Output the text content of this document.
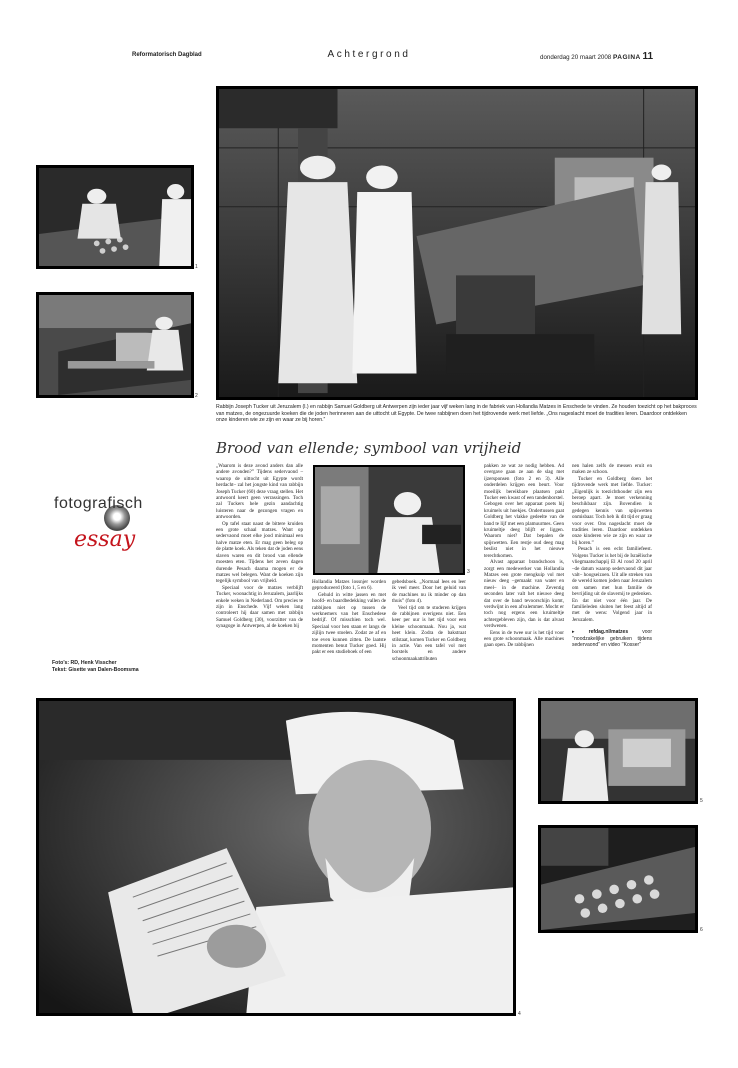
Reformatorisch Dagblad	Achtergrond	donderdag 20 maart 2008 PAGINA 11
1
2
Rabbijn Joseph Tucker uit Jeruzalem (l.) en rabbijn Samuel Goldberg uit Antwerpen zijn ieder jaar vijf weken lang in de fabriek van Hollandia Matzes in Enschede te vinden. Ze houden toezicht op het bakproces van matzes, de ongezuurde koeken die de joden herinneren aan de uittocht uit Egypte. De twee rabbijnen doen het tijdrovende werk met liefde. „Ons nageslacht moet de tradities leren. Daardoor ontdekken onze kinderen wie ze zijn en waar ze bij horen.”
Brood van ellende; symbool van vrijheid
fotografisch
essay
Foto’s: RD, Henk Visscher
Tekst: Gisette van Dalen-Boomsma
3

„Waarom is deze avond anders dan alle andere avonden?” Tijdens sedervaond –waarop de uittocht uit Egypte wordt herdacht– zal het jongste kind van rabbijn Joseph Tucker (60) deze vraag stellen. Het antwoord keert geen verrassingen. Toch zal Tuckers hele gezin aandachtig luisteren naar de gezongen vragen en antwoorden.

Op tafel staat naast de bittere kruiden een grote schaal matzes. Want op sedervaond moet elke jood minimaal een halve matze eten. Er mag geen beleg op de platte koek. Als teken dat de joden eens slaven waren en dit brood van ellende moesten eten. Tijdens het zeven dagen durende Pesach daarna mogen er de matzes wel belegen. Want de koeken zijn tegelijk symbool van vrijheid.

Speciaal voor de matzes verblijft Tucker, woonachtig in Jeruzalem, jaarlijks enkele weken in Nederland. Om precies te zijn in Enschede. Vijf weken lang controleert hij daar samen met rabbijn Samuel Goldberg (30), voorzitter van de synagoge in Antwerpen, al de koeken bij

Hollandia Matzes lossnjer worden geproduceerd (foto 1, 5 en 6).

Gehuld in witte jassen en met hoofd- en baardbedekking vallen de rabbijnen niet op tussen de werknemers van het Enschedese bedrijf. Of misschien toch wel. Speciaal voor hen staan er langs de zijlijn twee stoelen. Zodat ze af en toe even kunnen zitten. De laatste momenten benut Tucker goed. Hij pakt er een studieboek of een

gebedsboek. „Normaal lees en leer ik veel meer. Door het geluid van de machines nu ik minder op dan thuis” (foto 4).

Veel tijd om te studeren krijgen de rabbijnen overigens niet. Een keer per uur is het tijd voor een kleine schoonmaak. Nou ja, wat heet klein. Zodra de bakstraat stilstaat, komen Tucker en Goldberg in actie. Van een tafel vol met borstels en andere schoonmaakattributen

pakken ze wat ze nodig hebben. Ad overgave gaan ze aan de slag met ijzersponsen (foto 2 en 3). Alle onderdelen krijgen een beurt. Voor moeilijk bereikbare plaatsen pakt Tucker een kwast of een tandenborstel. Gebogen over het apparaat poets hij kruimels uit hoekjes. Ondertussen gaat Goldberg het vlakke gedeelte van de band te lijf met een plamuurmes. Geen kruimeltje deeg blijft er liggen. Waarom niet? Dat bepalen de spijswetten. Een restje oud deeg mag beslist niet in het nieuwe terechtkomen.

Alvast apparaat brandschoon is, zorgt een medewerker van Hollandia Matzes een grote mengkuip vol met nieuw deeg –gemaakt van water en meel– in de machine. Zeventig seconden later valt het nieuwe deeg dat over de band tevoorschijn komt, verdwijnt in een afvalemmer. Mocht er toch nog ergens een kruimeltje achtergebleven zijn, dan is dat alvast verdwenen.

Eens in de twee uur is het tijd voor een grote schoonmaak. Alle machines gaan open. De rabbijnen

nen halen zelfs de messen eruit en maken ze schoon.

Tucker en Goldberg doen het tijdrovende werk met liefde. Tucker: „Eigenlijk is toezichthouder zijn een beroep apart. Je moet verkenning beschikbaar zijn. Bovendien is gedegen kennis van spijswetten onmisbaar. Toch heb ik dit tijd er graag voor over. Ons nageslacht moet de tradities leren. Daardoor ontdekken onze kinderen wie ze zijn en waar ze bij horen.”

Pesach is een echt familiefeest. Volgens Tucker is het bij de Israëlische vliegmaatschappij El Al rond 20 april –de datum waarop sedervaond dit jaar valt– hoogseizoen. Uit alle streken van de wereld komen joden naar Jeruzalem om samen met hun familie de bevrijding uit de slavernij te gedenken. En dat niet voor één jaar. De familieleden sluiten het feest altijd af met de wens: Volgend jaar in Jeruzalem.

▸	refdag.nl/matzes	voor ’’noodzakelijke gebruiken tijdens sedervaond” en video ’’Kosser”

4
5
6
